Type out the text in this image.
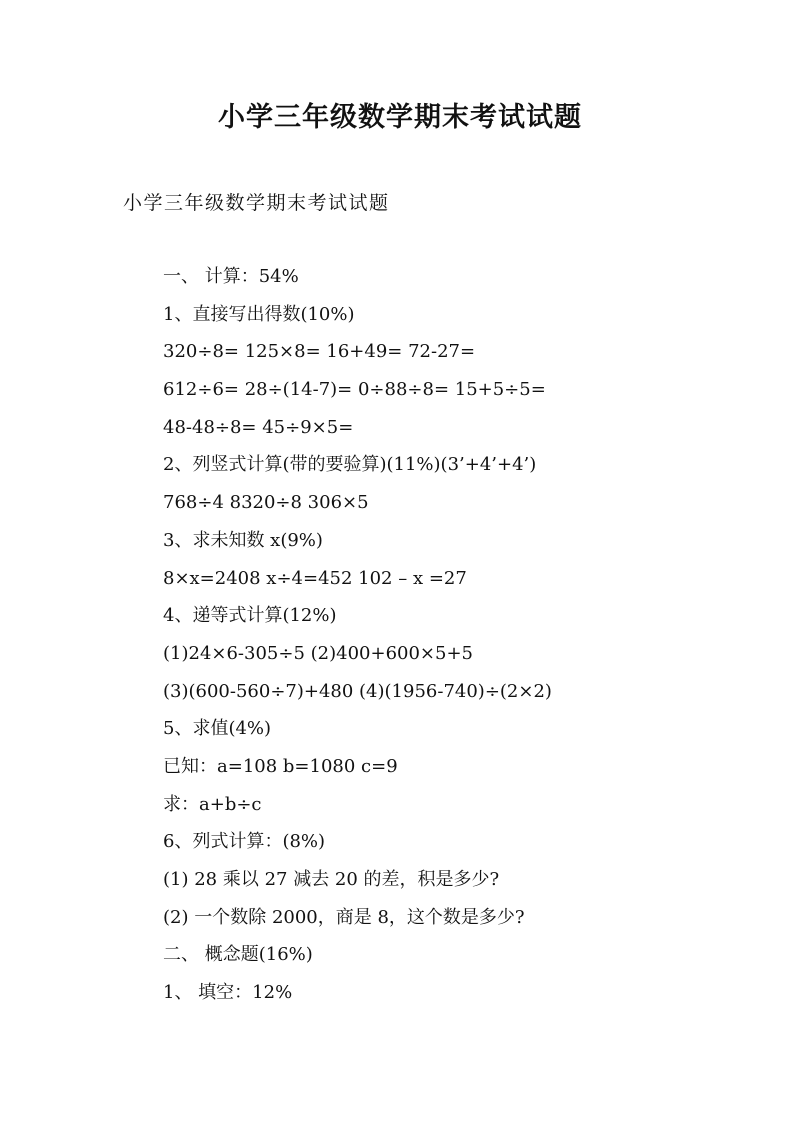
小学三年级数学期末考试试题
小学三年级数学期末考试试题
一、 计算：54%
1、直接写出得数(10%)
320÷8= 125×8= 16+49= 72-27=
612÷6= 28÷(14-7)= 0÷88÷8= 15+5÷5=
48-48÷8= 45÷9×5=
2、列竖式计算(带的要验算)(11%)(3’+4’+4’)
768÷4 8320÷8 306×5
3、求未知数 x(9%)
8×x=2408 x÷4=452 102 – x =27
4、递等式计算(12%)
(1)24×6-305÷5 (2)400+600×5+5
(3)(600-560÷7)+480 (4)(1956-740)÷(2×2)
5、求值(4%)
已知：a=108 b=1080 c=9
求：a+b÷c
6、列式计算：(8%)
(1) 28 乘以 27 减去 20 的差，积是多少?
(2) 一个数除 2000，商是 8，这个数是多少?
二、 概念题(16%)
1、 填空：12%
